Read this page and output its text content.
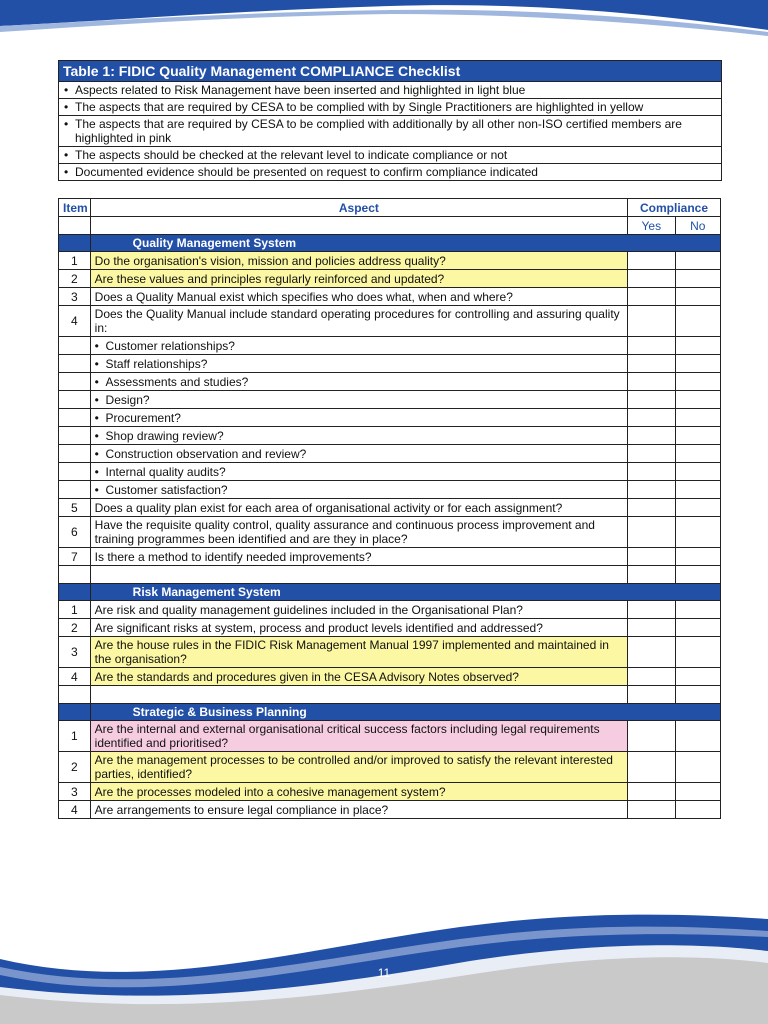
Table 1: FIDIC Quality Management COMPLIANCE Checklist
• Aspects related to Risk Management have been inserted and highlighted in light blue
• The aspects that are required by CESA to be complied with by Single Practitioners are highlighted in yellow
• The aspects that are required by CESA to be complied with additionally by all other non-ISO certified members are highlighted in pink
• The aspects should be checked at the relevant level to indicate compliance or not
• Documented evidence should be presented on request to confirm compliance indicated
Item	Aspect	Compliance	
		Yes	No
	Quality Management System		
1	Do the organisation's vision, mission and policies address quality?		
2	Are these values and principles regularly reinforced and updated?		
3	Does a Quality Manual exist which specifies who does what, when and where?		
4	Does the Quality Manual include standard operating procedures for controlling and assuring quality in:		
	•  Customer relationships?		
	•  Staff relationships?		
	•  Assessments and studies?		
	•  Design?		
	•  Procurement?		
	•  Shop drawing review?		
	•  Construction observation and review?		
	•  Internal quality audits?		
	•  Customer satisfaction?		
5	Does a quality plan exist for each area of organisational activity or for each assignment?		
6	Have the requisite quality control, quality assurance and continuous process improvement and training programmes been identified and are they in place?		
7	Is there a method to identify needed improvements?		

	Risk Management System		
1	Are risk and quality management guidelines included in the Organisational Plan?		
2	Are significant risks at system, process and product levels identified and addressed?		
3	Are the house rules in the FIDIC Risk Management Manual 1997 implemented and maintained in the organisation?		
4	Are the standards and procedures given in the CESA Advisory Notes observed?		

	Strategic & Business Planning		
1	Are the internal and external organisational critical success factors including legal requirements identified and prioritised?		
2	Are the management processes to be controlled and/or improved to satisfy the relevant interested parties, identified?		
3	Are the processes modeled into a cohesive management system?		
4	Are arrangements to ensure legal compliance in place?		
11
